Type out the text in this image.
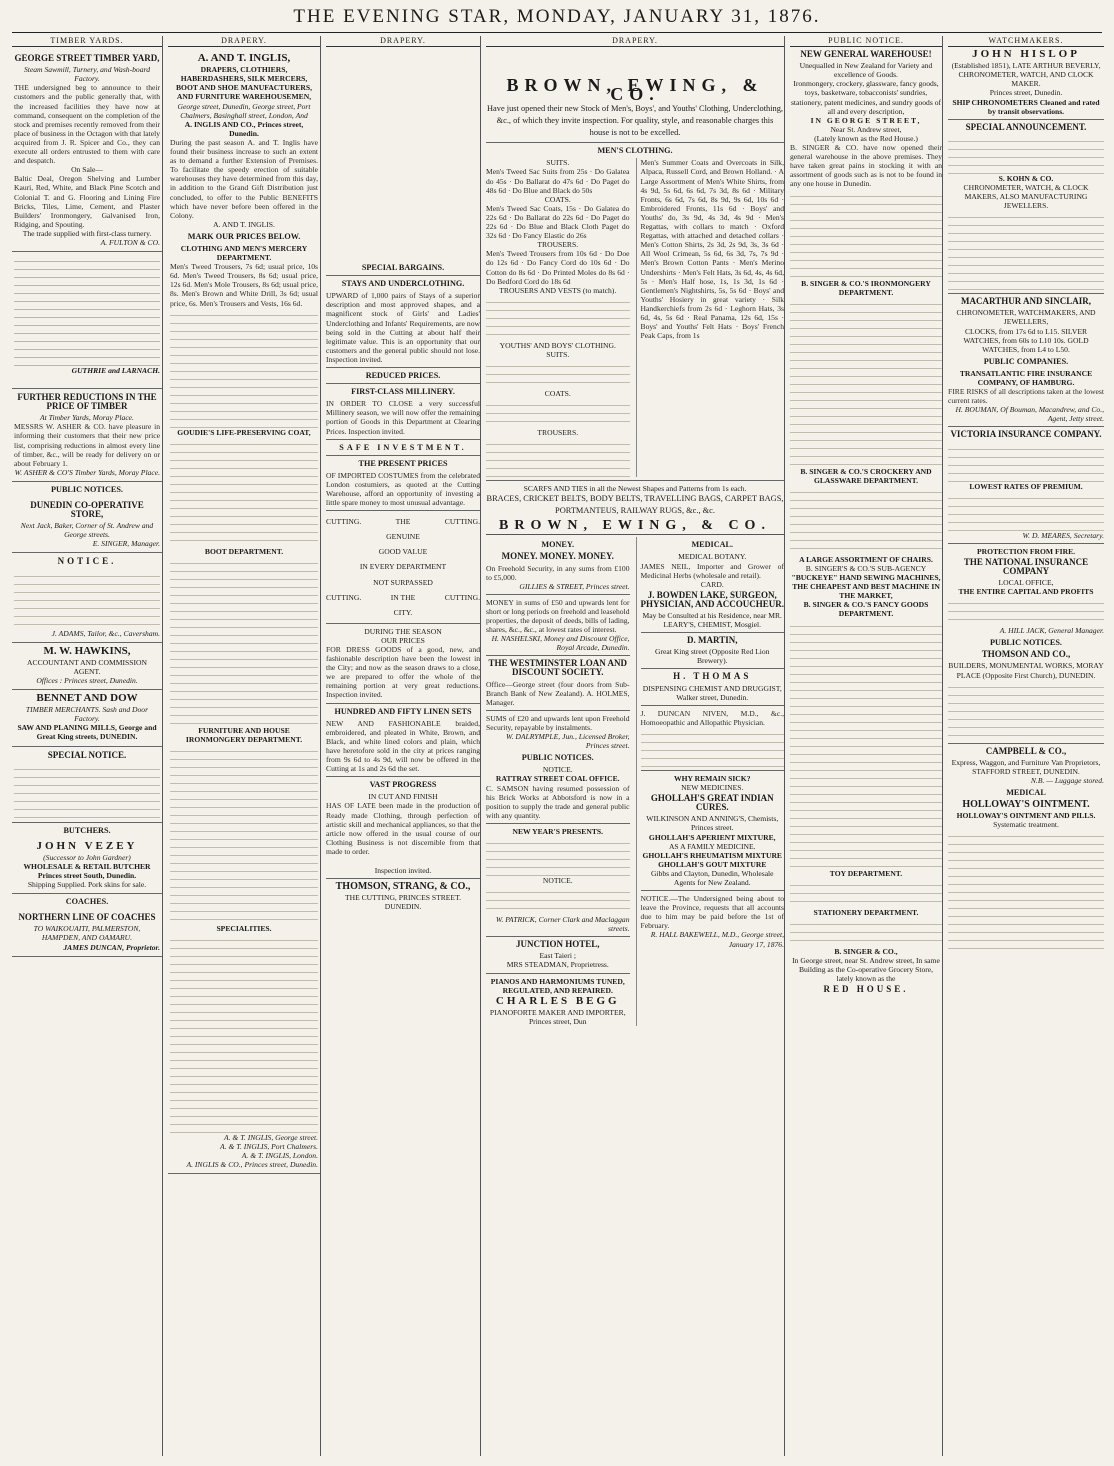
THE EVENING STAR, MONDAY, JANUARY 31, 1876.
TIMBER YARDS.
GEORGE STREET TIMBER YARD,
Steam Sawmill, Turnery, and Wash-board Factory.
THE undersigned beg to announce to their customers and the public generally that, with the increased facilities they have now at command, consequent on the completion of the stock and premises recently removed from their place of business in the Octagon with that lately acquired from J. R. Spicer and Co., they can execute all orders entrusted to them with care and despatch.
On Sale—
Baltic Deal, Oregon Shelving and Lumber Kauri, Red, White, and Black Pine Scotch and Colonial T. and G. Flooring and Lining Fire Bricks, Tiles, Lime, Cement, and Plaster Builders' Ironmongery, Galvanised Iron, Ridging, and Spouting.
The trade supplied with first-class turnery.
A. FULTON & CO.
GUTHRIE and LARNACH.
FURTHER REDUCTIONS IN THE PRICE OF TIMBER
At Timber Yards, Moray Place.
MESSRS W. ASHER & CO. have pleasure in informing their customers that their new price list, comprising reductions in almost every line of timber, &c., will be ready for delivery on or about February 1.
W. ASHER & CO'S Timber Yards, Moray Place.
PUBLIC NOTICES.
DUNEDIN CO-OPERATIVE STORE,
Next Jack, Baker, Corner of St. Andrew and George streets.
E. SINGER, Manager.
NOTICE.
J. ADAMS, Tailor, &c., Caversham.
M. W. HAWKINS,
ACCOUNTANT AND COMMISSION AGENT.
Offices : Princes street, Dunedin.
BENNET AND DOW
TIMBER MERCHANTS. Sash and Door Factory.
SAW AND PLANING MILLS, George and Great King streets, DUNEDIN.
SPECIAL NOTICE.
BUTCHERS.
JOHN VEZEY
(Successor to John Gardner)
WHOLESALE & RETAIL BUTCHER Princes street South, Dunedin.
Shipping Supplied. Pork skins for sale.
COACHES.
NORTHERN LINE OF COACHES
TO WAIKOUAITI, PALMERSTON, HAMPDEN, AND OAMARU.
JAMES DUNCAN, Proprietor.
DRAPERY.
A. AND T. INGLIS,
DRAPERS, CLOTHIERS, HABERDASHERS, SILK MERCERS, BOOT AND SHOE MANUFACTURERS, AND FURNITURE WAREHOUSEMEN,
George street, Dunedin, George street, Port Chalmers, Basinghall street, London, And
A. INGLIS AND CO., Princes street, Dunedin.
During the past season A. and T. Inglis have found their business increase to such an extent as to demand a further Extension of Premises. To facilitate the speedy erection of suitable warehouses they have determined from this day, in addition to the Grand Gift Distribution just concluded, to offer to the Public BENEFITS which have never before been offered in the Colony.
A. AND T. INGLIS.
MARK OUR PRICES BELOW.
CLOTHING AND MEN'S MERCERY DEPARTMENT.
Men's Tweed Trousers, 7s 6d; usual price, 10s 6d. Men's Tweed Trousers, 8s 6d; usual price, 12s 6d. Men's Mole Trousers, 8s 6d; usual price, 8s. Men's Brown and White Drill, 3s 6d; usual price, 6s. Men's Trousers and Vests, 16s 6d.
GOUDIE'S LIFE-PRESERVING COAT,
BOOT DEPARTMENT.
FURNITURE AND HOUSE IRONMONGERY DEPARTMENT.
SPECIALITIES.
A. & T. INGLIS, George street.
A. & T. INGLIS, Port Chalmers.
A. & T. INGLIS, London.
A. INGLIS & CO., Princes street, Dunedin.
DRAPERY.
SPECIAL BARGAINS.
STAYS AND UNDERCLOTHING.
UPWARD of 1,000 pairs of Stays of a superior description and most approved shapes, and a magnificent stock of Girls' and Ladies' Underclothing and Infants' Requirements, are now being sold in the Cutting at about half their legitimate value. This is an opportunity that our customers and the general public should not lose. Inspection invited.
REDUCED PRICES.
FIRST-CLASS MILLINERY.
IN ORDER TO CLOSE a very successful Millinery season, we will now offer the remaining portion of Goods in this Department at Clearing Prices. Inspection invited.
SAFE INVESTMENT.
THE PRESENT PRICES
OF IMPORTED COSTUMES from the celebrated London costumiers, as quoted at the Cutting Warehouse, afford an opportunity of investing a little spare money to most unusual advantage.
CUTTING.	THE	CUTTING.
GENUINE
GOOD VALUE
IN EVERY DEPARTMENT
NOT SURPASSED
CUTTING.	IN THE	CUTTING.
CITY.
DURING THE SEASON
OUR PRICES
FOR DRESS GOODS of a good, new, and fashionable description have been the lowest in the City; and now as the season draws to a close, we are prepared to offer the whole of the remaining portion at very great reductions. Inspection invited.
HUNDRED AND FIFTY LINEN SETS
NEW AND FASHIONABLE braided, embroidered, and pleated in White, Brown, and Black, and white lined colors and plain, which have heretofore sold in the city at prices ranging from 9s 6d to 4s 9d, will now be offered in the Cutting at 1s and 2s 6d the set.
VAST PROGRESS
IN CUT AND FINISH
HAS OF LATE been made in the production of Ready made Clothing, through perfection of artistic skill and mechanical appliances, so that the article now offered in the usual course of our Clothing Business is not discernible from that made to order.
Inspection invited.
THOMSON, STRANG, & CO.,
THE CUTTING, PRINCES STREET. DUNEDIN.
DRAPERY.
BROWN, EWING, & CO.
Have just opened their new Stock of Men's, Boys', and Youths' Clothing, Underclothing, &c., of which they invite inspection. For quality, style, and reasonable charges this house is not to be excelled.
MEN'S CLOTHING.
SUITS.
Men's Tweed Sac Suits from 25s · Do Galatea do 45s · Do Ballarat do 47s 6d · Do Paget do 48s 6d · Do Blue and Black do 50s
COATS.
Men's Tweed Sac Coats, 15s · Do Galatea do 22s 6d · Do Ballarat do 22s 6d · Do Paget do 22s 6d · Do Blue and Black Cloth Paget do 32s 6d · Do Fancy Elastic do 26s
TROUSERS.
Men's Tweed Trousers from 10s 6d · Do Doe do 12s 6d · Do Fancy Cord do 10s 6d · Do Cotton do 8s 6d · Do Printed Moles do 8s 6d · Do Bedford Cord do 18s 6d
TROUSERS AND VESTS (to match).
YOUTHS' AND BOYS' CLOTHING.
SUITS.
COATS.
TROUSERS.
Men's Summer Coats and Overcoats in Silk, Alpaca, Russell Cord, and Brown Holland. · A Large Assortment of Men's White Shirts, from 4s 9d, 5s 6d, 6s 6d, 7s 3d, 8s 6d · Military Fronts, 6s 6d, 7s 6d, 8s 9d, 9s 6d, 10s 6d · Embroidered Fronts, 11s 6d · Boys' and Youths' do, 3s 9d, 4s 3d, 4s 9d · Men's Regattas, with collars to match · Oxford Regattas, with attached and detached collars · Men's Cotton Shirts, 2s 3d, 2s 9d, 3s, 3s 6d · All Wool Crimean, 5s 6d, 6s 3d, 7s, 7s 9d · Men's Brown Cotton Pants · Men's Merino Undershirts · Men's Felt Hats, 3s 6d, 4s, 4s 6d, 5s · Men's Half hose, 1s, 1s 3d, 1s 6d · Gentlemen's Nightshirts, 5s, 5s 6d · Boys' and Youths' Hosiery in great variety · Silk Handkerchiefs from 2s 6d · Leghorn Hats, 3s 6d, 4s, 5s 6d · Real Panama, 12s 6d, 15s · Boys' and Youths' Felt Hats · Boys' French Peak Caps, from 1s
SCARFS AND TIES in all the Newest Shapes and Patterns from 1s each.
BRACES, CRICKET BELTS, BODY BELTS, TRAVELLING BAGS, CARPET BAGS, PORTMANTEUS, RAILWAY RUGS, &c., &c.
BROWN, EWING, & CO.
MONEY.
MONEY. MONEY. MONEY.
On Freehold Security, in any sums from £100 to £5,000.
GILLIES & STREET, Princes street.
MONEY in sums of £50 and upwards lent for short or long periods on freehold and leasehold properties, the deposit of deeds, bills of lading, shares, &c., &c., at lowest rates of interest.
H. NASHELSKI, Money and Discount Office, Royal Arcade, Dunedin.
THE WESTMINSTER LOAN AND DISCOUNT SOCIETY.
Office—George street (four doors from Sub-Branch Bank of New Zealand). A. HOLMES, Manager.
SUMS of £20 and upwards lent upon Freehold Security, repayable by instalments.
W. DALRYMPLE, Jun., Licensed Broker, Princes street.
PUBLIC NOTICES.
NOTICE.
RATTRAY STREET COAL OFFICE.
C. SAMSON having resumed possession of his Brick Works at Abbotsford is now in a position to supply the trade and general public with any quantity.
NEW YEAR'S PRESENTS.
NOTICE.
W. PATRICK, Corner Clark and Maclaggan streets.
JUNCTION HOTEL,
East Taieri ;
MRS STEADMAN, Proprietress.
PIANOS AND HARMONIUMS TUNED, REGULATED, AND REPAIRED.
CHARLES BEGG
PIANOFORTE MAKER AND IMPORTER, Princes street, Dun
MEDICAL.
MEDICAL BOTANY.
JAMES NEIL, Importer and Grower of Medicinal Herbs (wholesale and retail).
CARD.
J. BOWDEN LAKE, SURGEON, PHYSICIAN, AND ACCOUCHEUR.
May be Consulted at his Residence, near MR. LEARY'S, CHEMIST, Mosgiel.
D. MARTIN,
Great King street (Opposite Red Lion Brewery).
H. THOMAS
DISPENSING CHEMIST AND DRUGGIST, Walker street, Dunedin.
J. DUNCAN NIVEN, M.D., &c., Homoeopathic and Allopathic Physician.
WHY REMAIN SICK?
NEW MEDICINES.
GHOLLAH'S GREAT INDIAN CURES.
WILKINSON AND ANNING'S, Chemists, Princes street.
GHOLLAH'S APERIENT MIXTURE,
AS A FAMILY MEDICINE.
GHOLLAH'S RHEUMATISM MIXTURE
GHOLLAH'S GOUT MIXTURE
Gibbs and Clayton, Dunedin, Wholesale Agents for New Zealand.
NOTICE.—The Undersigned being about to leave the Province, requests that all accounts due to him may be paid before the 1st of February.
R. HALL BAKEWELL, M.D., George street, January 17, 1876.
PUBLIC NOTICE.
NEW GENERAL WAREHOUSE!
Unequalled in New Zealand for Variety and excellence of Goods.
Ironmongery, crockery, glassware, fancy goods, toys, basketware, tobacconists' sundries, stationery, patent medicines, and sundry goods of all and every description,
IN GEORGE STREET,
Near St. Andrew street,
(Lately known as the Red House.)
B. SINGER & CO. have now opened their general warehouse in the above premises. They have taken great pains in stocking it with an assortment of goods such as is not to be found in any one house in Dunedin.
B. SINGER & CO.'S IRONMONGERY DEPARTMENT.
B. SINGER & CO.'S CROCKERY AND GLASSWARE DEPARTMENT.
A LARGE ASSORTMENT OF CHAIRS.
B. SINGER'S & CO.'S SUB-AGENCY
"BUCKEYE" HAND SEWING MACHINES,
THE CHEAPEST AND BEST MACHINE IN THE MARKET,
B. SINGER & CO.'S FANCY GOODS DEPARTMENT.
TOY DEPARTMENT.
STATIONERY DEPARTMENT.
B. SINGER & CO.,
In George street, near St. Andrew street, In same Building as the Co-operative Grocery Store, lately known as the
RED HOUSE.
WATCHMAKERS.
JOHN HISLOP
(Established 1851), LATE ARTHUR BEVERLY, CHRONOMETER, WATCH, AND CLOCK MAKER.
Princes street, Dunedin.
SHIP CHRONOMETERS Cleaned and rated by transit observations.
SPECIAL ANNOUNCEMENT.
S. KOHN & CO.
CHRONOMETER, WATCH, & CLOCK MAKERS, ALSO MANUFACTURING JEWELLERS.
MACARTHUR AND SINCLAIR,
CHRONOMETER, WATCHMAKERS, AND JEWELLERS,
CLOCKS, from 17s 6d to L15. SILVER WATCHES, from 60s to L10 10s. GOLD WATCHES, from L4 to L50.
PUBLIC COMPANIES.
TRANSATLANTIC FIRE INSURANCE COMPANY, OF HAMBURG.
FIRE RISKS of all descriptions taken at the lowest current rates.
H. BOUMAN, Of Bouman, Macandrew, and Co., Agent, Jetty street.
VICTORIA INSURANCE COMPANY.
LOWEST RATES OF PREMIUM.
W. D. MEARES, Secretary.
PROTECTION FROM FIRE.
THE NATIONAL INSURANCE COMPANY
LOCAL OFFICE,
THE ENTIRE CAPITAL AND PROFITS
A. HILL JACK, General Manager.
PUBLIC NOTICES.
THOMSON AND CO.,
BUILDERS, MONUMENTAL WORKS, MORAY PLACE (Opposite First Church), DUNEDIN.
CAMPBELL & CO.,
Express, Waggon, and Furniture Van Proprietors, STAFFORD STREET, DUNEDIN.
N.B. — Luggage stored.
MEDICAL
HOLLOWAY'S OINTMENT.
HOLLOWAY'S OINTMENT AND PILLS.
Systematic treatment.
